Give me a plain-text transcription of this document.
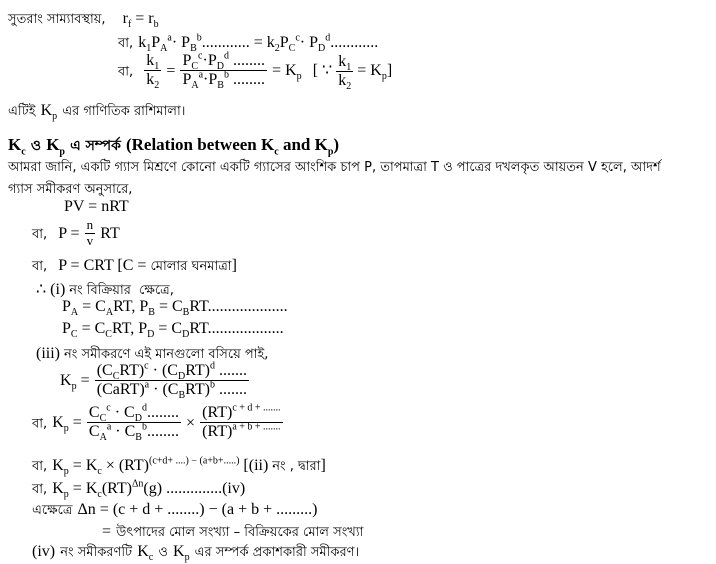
সুতরাং সাম্যাবস্থায়, $r_f = r_b$
বা, $k_1P_A^a\cdot P_B^b$............ = $k_2P_C^c\cdot P_D^d$............
বা, $\frac{k_1}{k_2} = \frac{P_C^c\cdot P_D^d ........}{P_A^a\cdot P_B^b ........} = K_p$ [ ∵ $\frac{k_1}{k_2} = K_p$]
এটিই $K_p$ এর গাণিতিক রাশিমালা।
$K_c$ ও $K_p$ এ সম্পর্ক (Relation between $K_c$ and $K_p$)
আমরা জানি, একটি গ্যাস মিশ্রণে কোনো একটি গ্যাসের আংশিক চাপ P, তাপমাত্রা T ও পাত্রের দখলকৃত আয়তন V হলে, আদর্শ
গ্যাস সমীকরণ অনুসারে,
PV = nRT
বা, $P = \frac{n}{v}$ RT
বা, P = CRT [C = মোলার ঘনমাত্রা]
∴ (i) নং বিক্রিয়ার  ক্ষেত্রে,
$P_A = C_ART$, $P_B = C_BRT$....................
$P_C = C_CRT$, $P_D = C_DRT$...................
(iii) নং সমীকরণে এই মানগুলো বসিয়ে পাই,
$K_p = \frac{(C_CRT)^c \cdot (C_DRT)^d .......}{(CaRT)^a \cdot (C_BRT)^b .......}$
বা, $K_p = \frac{C_C^c \cdot C_D^d........}{C_A^a \cdot C_B^b........} \times \frac{(RT)^{c + d + .......}}{(RT)^{a + b + .......}}$
বা, $K_p = K_c \times (RT)^{(c+d+ ....) - (a+b+.....)}$ [(ii) নং , দ্বারা]
বা, $K_p = K_c(RT)^{\Delta n}(g)$ ..............(iv)
এক্ষেত্রে Δn = (c + d + ........) − (a + b + .........)
= উৎপাদের মোল সংখ্যা – বিক্রিয়কের মোল সংখ্যা
(iv) নং সমীকরণটি $K_c$ ও $K_p$ এর সম্পর্ক প্রকাশকারী সমীকরণ।
